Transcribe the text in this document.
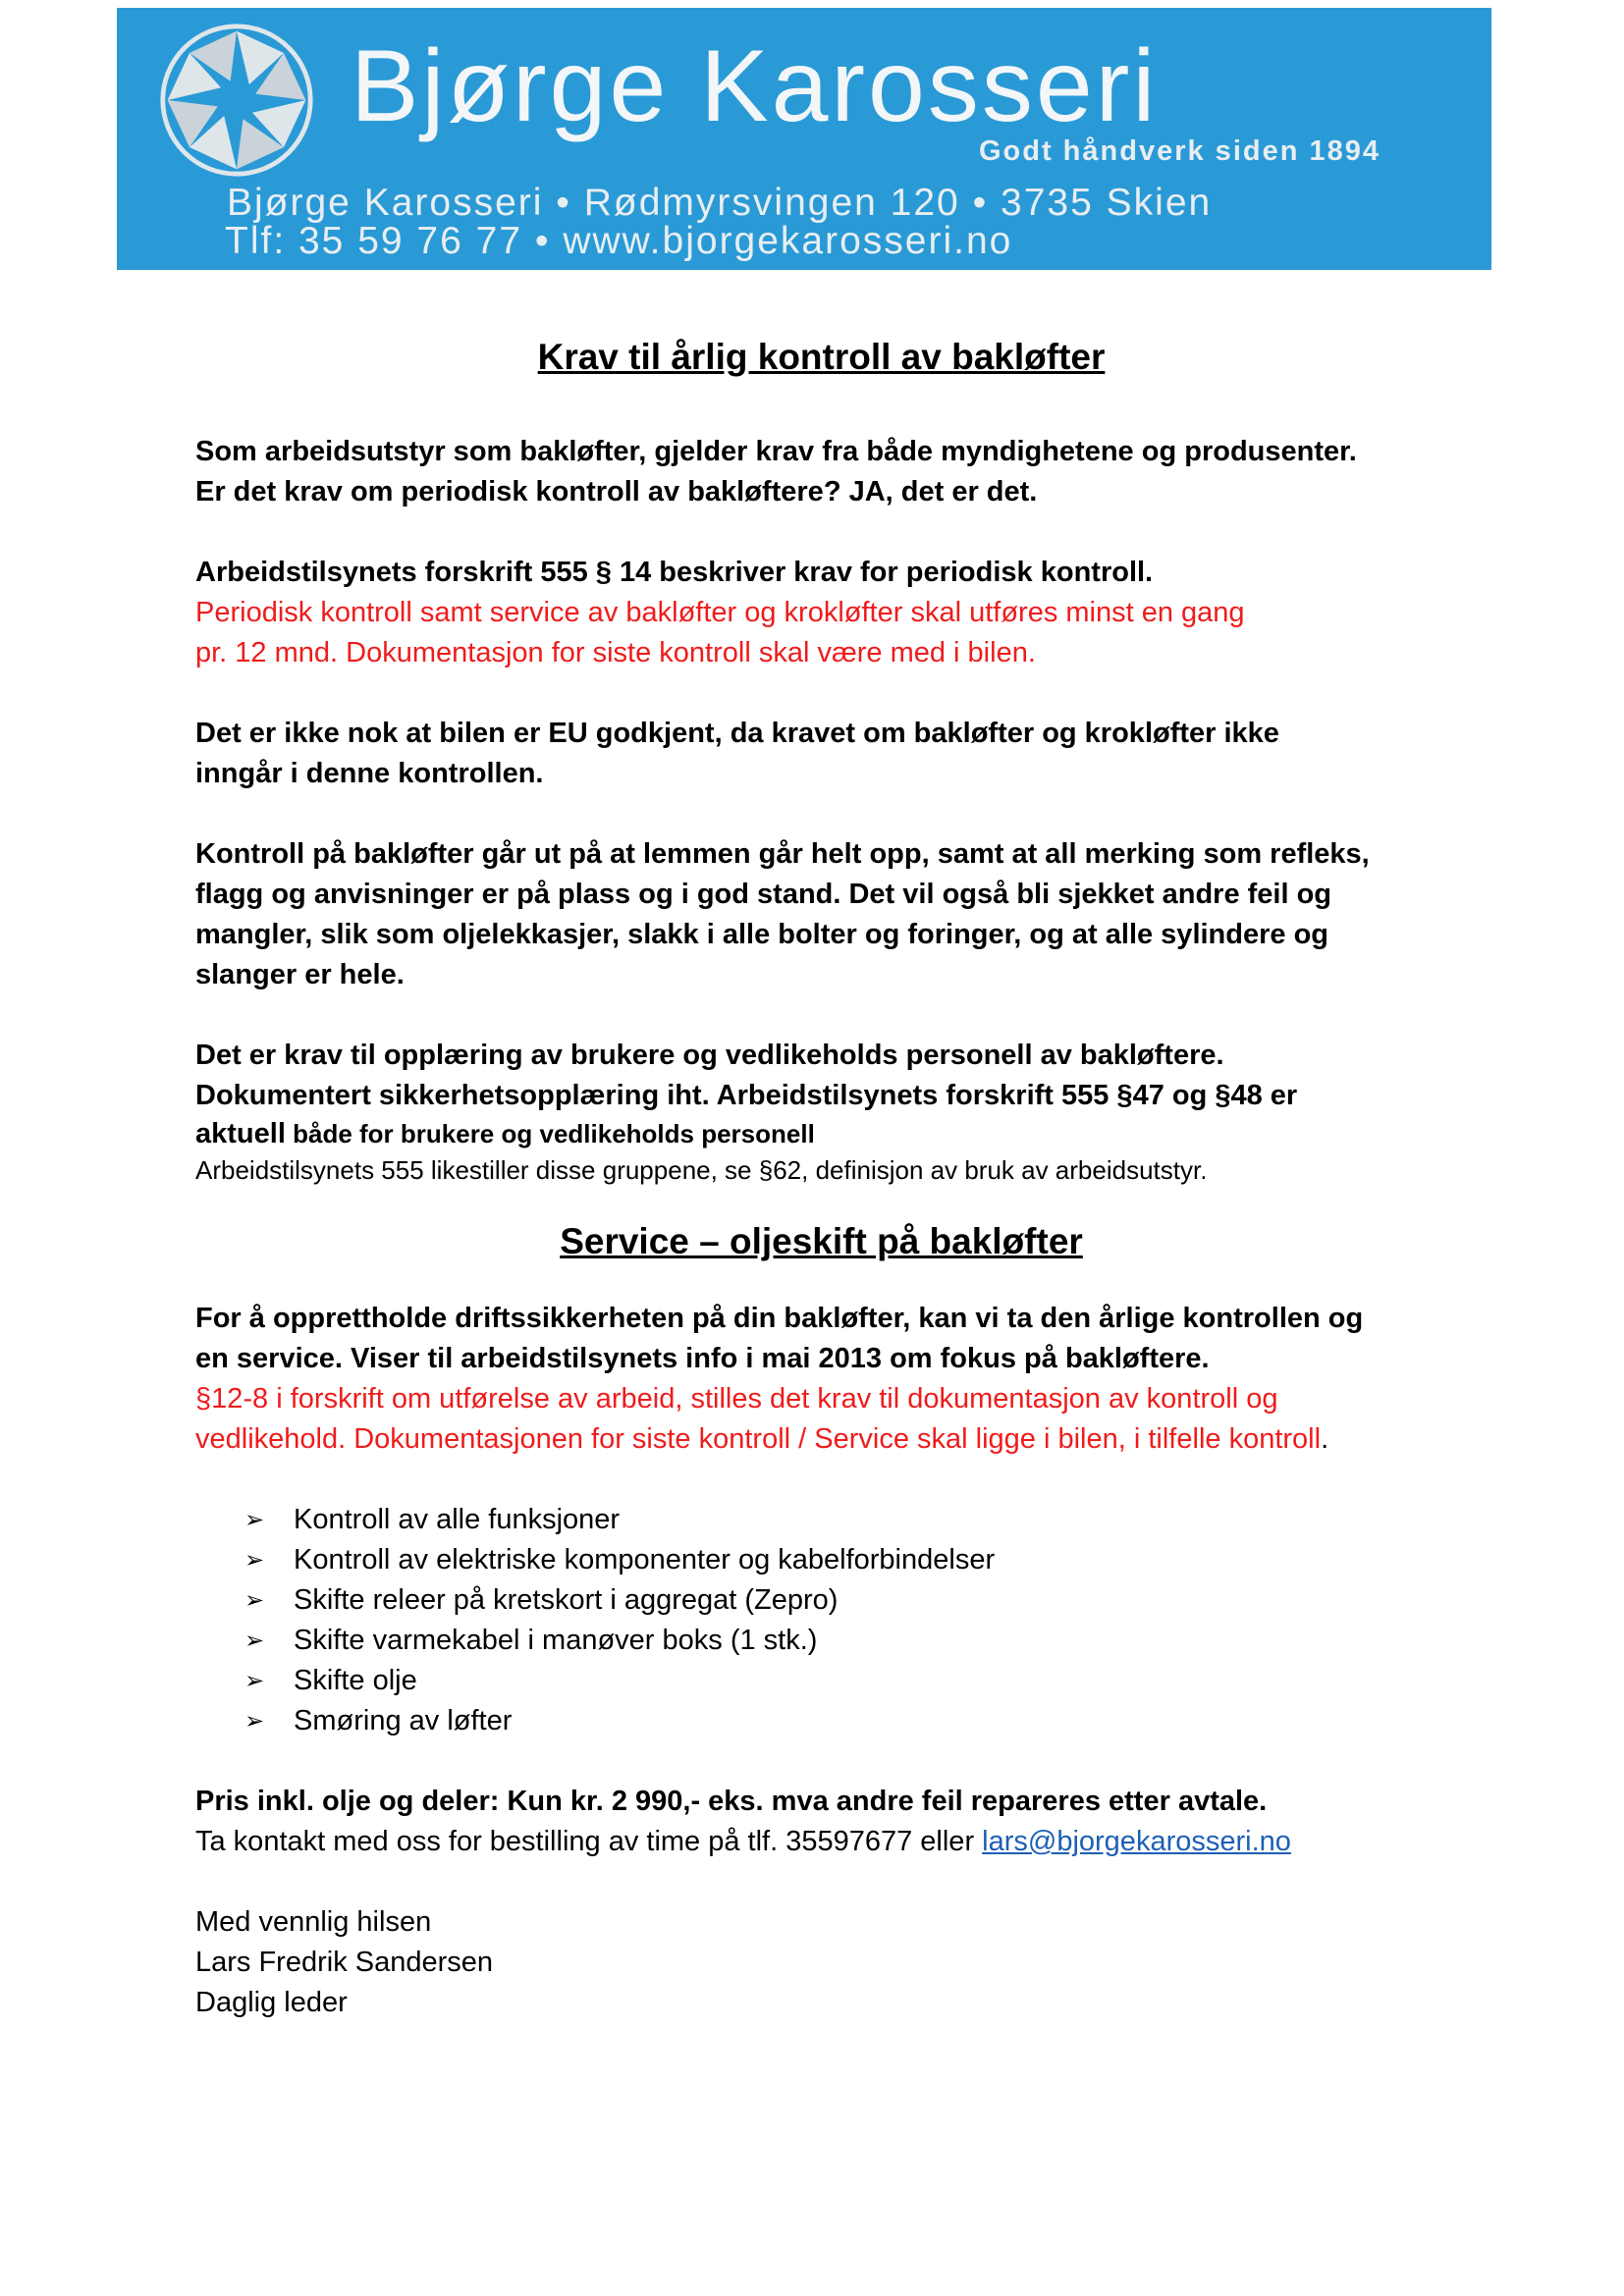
Bjørge Karosseri
Godt håndverk siden 1894
Bjørge Karosseri • Rødmyrsvingen 120 • 3735 Skien
Tlf: 35 59 76 77 • www.bjorgekarosseri.no
Krav til årlig kontroll av bakløfter

Som arbeidsutstyr som bakløfter, gjelder krav fra både myndighetene og produsenter.

Er det krav om periodisk kontroll av bakløftere? JA, det er det.

Arbeidstilsynets forskrift 555 § 14 beskriver krav for periodisk kontroll.

Periodisk kontroll samt service av bakløfter og krokløfter skal utføres minst en gang

pr. 12 mnd. Dokumentasjon for siste kontroll skal være med i bilen.

Det er ikke nok at bilen er EU godkjent, da kravet om bakløfter og krokløfter ikke

inngår i denne kontrollen.

Kontroll på bakløfter går ut på at lemmen går helt opp, samt at all merking som refleks,

flagg og anvisninger er på plass og i god stand. Det vil også bli sjekket andre feil og

mangler, slik som oljelekkasjer, slakk i alle bolter og foringer, og at alle sylindere og

slanger er hele.

Det er krav til opplæring av brukere og vedlikeholds personell av bakløftere.

Dokumentert sikkerhetsopplæring iht. Arbeidstilsynets forskrift 555 §47 og §48 er

aktuell både for brukere og vedlikeholds personell

Arbeidstilsynets 555 likestiller disse gruppene, se §62, definisjon av bruk av arbeidsutstyr.

Service – oljeskift på bakløfter

For å opprettholde driftssikkerheten på din bakløfter, kan vi ta den årlige kontrollen og

en service. Viser til arbeidstilsynets info i mai 2013 om fokus på bakløftere.

§12-8 i forskrift om utførelse av arbeid, stilles det krav til dokumentasjon av kontroll og

vedlikehold. Dokumentasjonen for siste kontroll / Service skal ligge i bilen, i tilfelle kontroll.

➢ Kontroll av alle funksjoner
➢ Kontroll av elektriske komponenter og kabelforbindelser
➢ Skifte releer på kretskort i aggregat (Zepro)
➢ Skifte varmekabel i manøver boks (1 stk.)
➢ Skifte olje
➢ Smøring av løfter

Pris inkl. olje og deler: Kun kr. 2 990,- eks. mva andre feil repareres etter avtale.

Ta kontakt med oss for bestilling av time på tlf. 35597677 eller lars@bjorgekarosseri.no

Med vennlig hilsen

Lars Fredrik Sandersen

Daglig leder
